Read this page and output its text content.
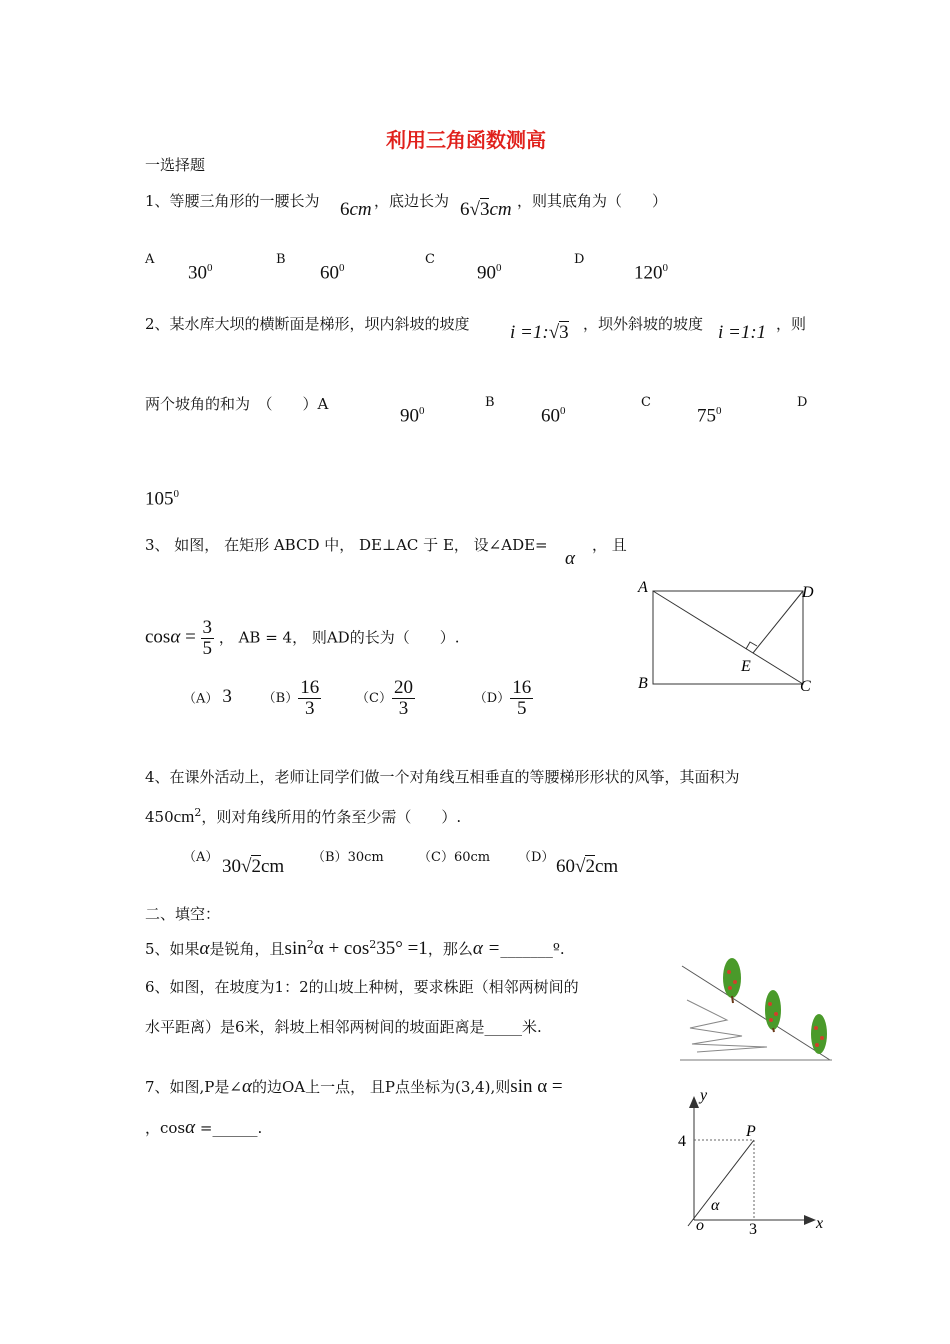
利用三角函数测高
一选择题
1、等腰三角形的一腰长为 6cm ，底边长为 6√3cm ，则其底角为（　　）
A
$30^0$
B
$60^0$
C
$90^0$
D
$120^0$
2、某水库大坝的横断面是梯形，坝内斜坡的坡度 i =1:√3 ，坝外斜坡的坡度 i =1:1 ，则
两个坡角的和为　（　　）A
$90^0$
B
$60^0$
C
$75^0$
D
$105^0$
3、 如图， 在矩形 ABCD 中， DE⊥AC 于 E， 设∠ADE=
α
， 且
$\cos\alpha = \frac{3}{5}$ ， AB = 4， 则AD的长为（　　）.
（A） 3 $(B) \frac{16}{3}$	$(C) \frac{20}{3}$	$(D) \frac{16}{5}$
A	D
B	C
E
4、在课外活动上，老师让同学们做一个对角线互相垂直的等腰梯形形状的风筝，其面积为
$450cm^2$，则对角线所用的竹条至少需（　　）.
（A） 30√2cm （B）30cm	（C）60cm （D） 60√2cm
二、填空：
5、如果α是锐角，且$\sin^2\alpha + \cos^235^\circ =1$，那么α =_______º.
6、如图，在坡度为1：2的山坡上种树，要求株距（相邻两树间的
水平距离）是6米，斜坡上相邻两树间的坡面距离是_____米.
7、如图,P是∠α的边OA上一点， 且P点坐标为(3,4),则sin α =
，cosα =______.
y
x
o
P
4
3
α
